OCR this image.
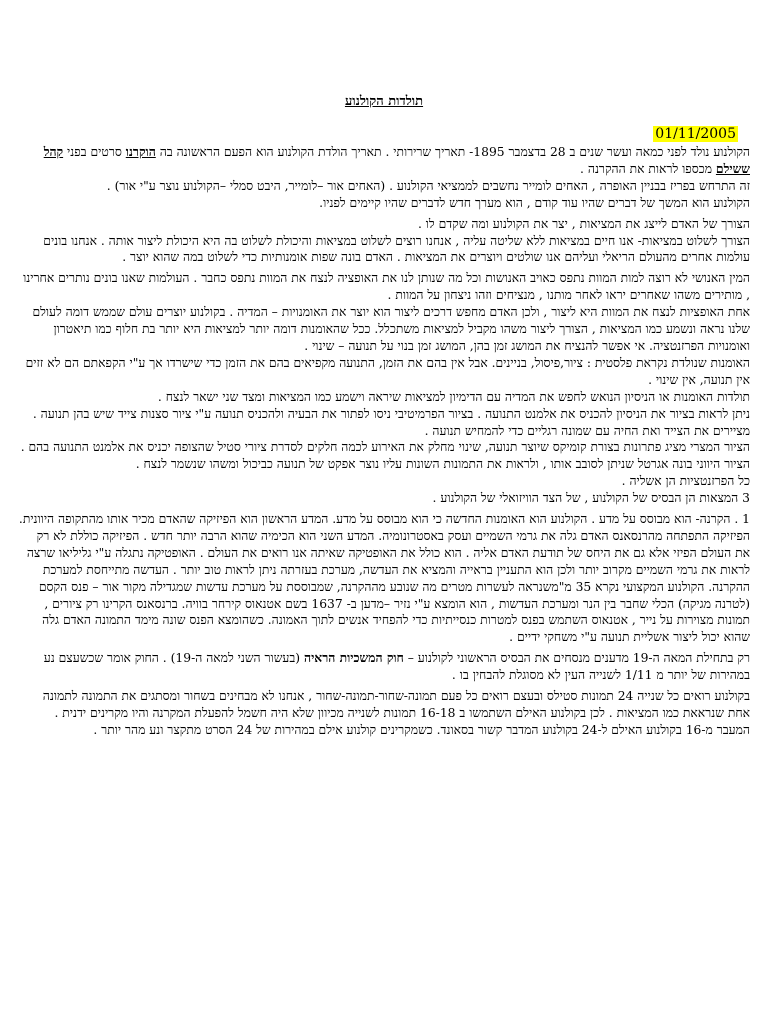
תולדות הקולנוע
01/11/2005

הקולנוע נולד לפני כמאה ועשר שנים ב 28 בדצמבר 1895- תאריך שרירותי . תאריך הולדת הקולנוע הוא הפעם הראשונה בה הוקרנו סרטים בפני קהל ששילם מכספו לראות את ההקרנה .

זה התרחש בפריז בבניין האופרה , האחים לומייר נחשבים לממציאי הקולנוע . (האחים אור –לומייר, היבט סמלי –הקולנוע נוצר ע"י אור) .

הקולנוע הוא המשך של דברים שהיו עוד קודם , הוא מערך חדש לדברים שהיו קיימים לפניו.

הצורך של האדם לייצג את המציאות , יצר את הקולנוע ומה שקדם לו .

הצורך לשלוט במציאות- אנו חיים במציאות ללא שליטה עליה , אנחנו רוצים לשלוט במציאות והיכולת לשלוט בה היא היכולת ליצור אותה . אנחנו בונים עולמות אחרים מהעולם הריאלי ועליהם אנו שולטים ויוצרים את המציאות . האדם בונה שפות אומנותיות כדי לשלוט במה שהוא יוצר .

המין האנושי לא רוצה למות המוות נתפס כאויב האנושות וכל מה שנותן לנו את האופציה לנצח את המוות נתפס כחבר . העולמות שאנו בונים נותרים אחרינו , מותירים משהו שאחרים יראו לאחר מותנו , מנציחים וזהו ניצחון על המוות .

אחת האופציות לנצח את המוות היא ליצור , ולכן האדם מחפש דרכים ליצור הוא יוצר את האומנויות – המדיה . בקולנוע יוצרים עולם שממש דומה לעולם שלנו נראה ונשמע כמו המציאות , הצורך ליצור משהו מקביל למציאות משתכלל. ככל שהאומנות דומה יותר למציאות היא יותר בת חלוף כמו תיאטרון ואומנויות הפרזנטציה. אי אפשר להנציח את המושג זמן בהן, המושג זמן בנוי על תנועה – שינוי .

האומנות שנולדת נקראת פלסטית : ציור,פיסול, בניינים. אבל אין בהם את הזמן, התנועה מקפיאים בהם את הזמן כדי שישרדו אך ע"י הקפאתם הם לא זזים אין תנועה, אין שינוי .

תולדות האומנות או הניסיון הנואש לחפש את המדיה עם הדימיון למציאות שיראה וישמע כמו המציאות ומצד שני ישאר לנצח .

ניתן לראות בציור את הניסיון להכניס את אלמנט התנועה . בציור הפרמיטיבי ניסו לפתור את הבעיה ולהכניס תנועה ע"י ציור סצנות צייד שיש בהן תנועה . מציירים את הצייד ואת החיה עם שמונה רגליים כדי להמחיש תנועה .

הציור המצרי מציג פתרונות בצורת קומיקס שיוצר תנועה, שינוי מחלק את האירוע לכמה חלקים לסדרת ציורי סטיל שהצופה יכניס את אלמנט התנועה בהם .

הציור היווני בונה אגרטל שניתן לסובב אותו , ולראות את התמונות השונות עליו נוצר אפקט של תנועה כביכול ומשהו שנשמר לנצח .

כל הפרזנטציות הן אשליה .

3 המצאות הן הבסיס של הקולנוע , של הצד הוויזואלי של הקולנוע .

1 . הקרנה- הוא מבוסס על מדע . הקולנוע הוא האומנות החדשה כי הוא מבוסס על מדע. המדע הראשון הוא הפיזיקה שהאדם מכיר אותו מהתקופה היוונית. הפיזיקה התפתחה מהרנסאנס האדם גלה את גרמי השמיים ועסק באסטרונומיה. המדע השני הוא הכימיה שהוא הרבה יותר חדש . הפיזיקה כוללת לא רק את העולם הפיזי אלא גם את היחס של תודעת האדם אליה . הוא כולל את האופטיקה שאיתה אנו רואים את העולם . האופטיקה נתגלה ע"י גליליאו שרצה לראות את גרמי השמיים מקרוב יותר ולכן הוא התעניין בראייה והמציא את העדשה, מערכת בעזרתה ניתן לראות טוב יותר . העדשה מתייחסת למערכת ההקרנה. הקולנוע המקצועי נקרא 35 מ"משנראה לעשרות מטרים מה שנובע מההקרנה, שמבוססת על מערכת עדשות שמגדילה מקור אור – פנס הקסם (לטרנה מגיקה) הכלי שחבר בין הנר ומערכת העדשות , הוא הומצא ע"י נזיר –מדען ב- 1637 בשם אטנאוס קירחר בוויה. ברנסאנס הקרינו רק ציורים , תמונות מצוירות על נייר , אטנאוס השתמש בפנס למטרות כנסייתיות כדי להפחיד אנשים לתוך האמונה. כשהומצא הפנס שונה מימד התמונה האדם גלה שהוא יכול ליצור אשליית תנועה ע"י משחקי ידיים .

רק בתחילת המאה ה-19 מדענים מנסחים את הבסיס הראשוני לקולנוע – חוק המשכיות הראיה (בעשור השני למאה ה-19) . החוק אומר שכשעצם נע במהירות של יותר מ 1/11 לשנייה העין לא מסוגלת להבחין בו .

בקולנוע רואים כל שנייה 24 תמונות סטילס ובעצם רואים כל פעם תמונה-שחור-תמונה-שחור , אנחנו לא מבחינים בשחור ומסתגים את התמונה לתמונה אחת שנראאת כמו המציאות . לכן בקולנוע האילם השתמשו ב 16-18 תמונות לשנייה מכיוון שלא היה חשמל להפעלת המקרנה והיו מקרינים ידנית .

המעבר מ-16 בקולנוע האילם ל-24 בקולנוע המדבר קשור בסאונד. כשמקרינים קולנוע אילם במהירות של 24 הסרט מתקצר ונע מהר יותר .
